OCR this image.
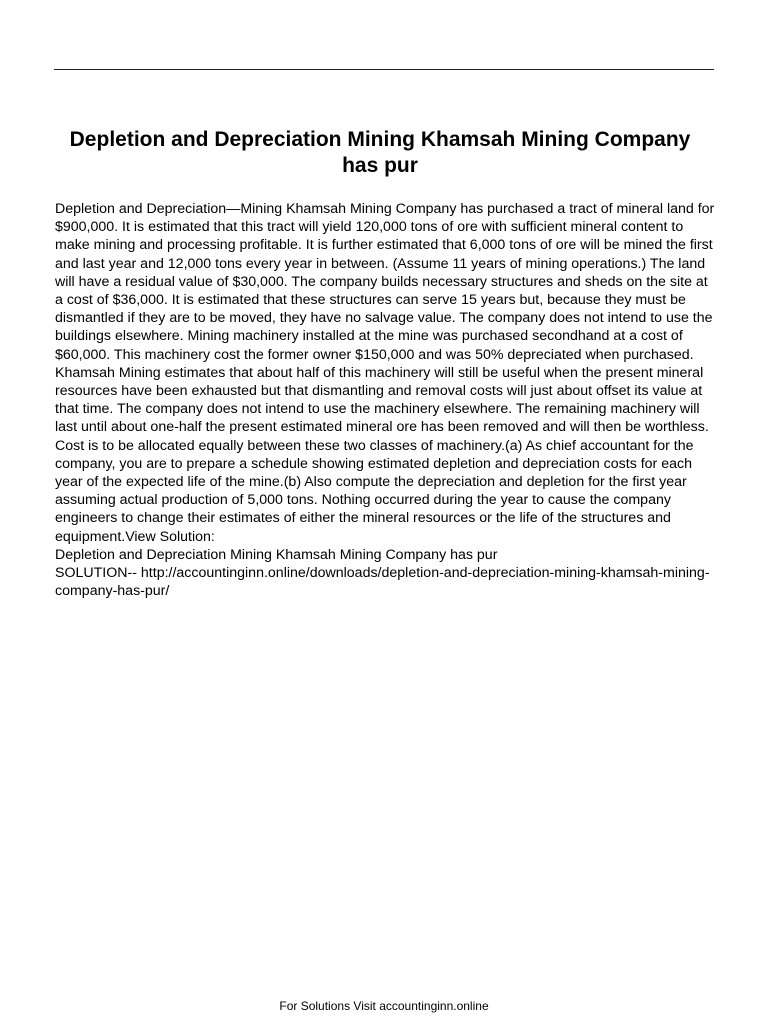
Depletion and Depreciation Mining Khamsah Mining Company has pur

Depletion and Depreciation—Mining Khamsah Mining Company has purchased a tract of mineral land for $900,000. It is estimated that this tract will yield 120,000 tons of ore with sufficient mineral content to make mining and processing profitable. It is further estimated that 6,000 tons of ore will be mined the first and last year and 12,000 tons every year in between. (Assume 11 years of mining operations.) The land will have a residual value of $30,000. The company builds necessary structures and sheds on the site at a cost of $36,000. It is estimated that these structures can serve 15 years but, because they must be dismantled if they are to be moved, they have no salvage value. The company does not intend to use the buildings elsewhere. Mining machinery installed at the mine was purchased secondhand at a cost of $60,000. This machinery cost the former owner $150,000 and was 50% depreciated when purchased. Khamsah Mining estimates that about half of this machinery will still be useful when the present mineral resources have been exhausted but that dismantling and removal costs will just about offset its value at that time. The company does not intend to use the machinery elsewhere. The remaining machinery will last until about one-half the present estimated mineral ore has been removed and will then be worthless. Cost is to be allocated equally between these two classes of machinery.(a) As chief accountant for the company, you are to prepare a schedule showing estimated depletion and depreciation costs for each year of the expected life of the mine.(b) Also compute the depreciation and depletion for the first year assuming actual production of 5,000 tons. Nothing occurred during the year to cause the company engineers to change their estimates of either the mineral resources or the life of the structures and equipment.View Solution:

Depletion and Depreciation Mining Khamsah Mining Company has pur

SOLUTION-- http://accountinginn.online/downloads/depletion-and-depreciation-mining-khamsah-mining-company-has-pur/

For Solutions Visit accountinginn.online
